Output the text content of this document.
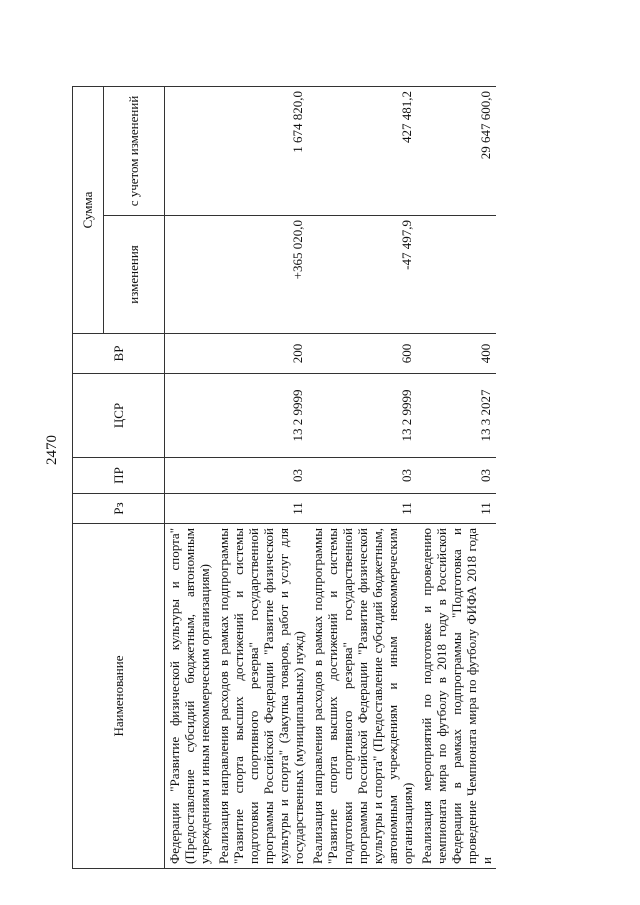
2470
Наименование	Рз	ПР	ЦСР	ВР	Сумма	
					изменения	с учетом изменений
Федерации "Развитие физической культуры и спорта" (Предоставление субсидий бюджетным, автономным учреждениям и иным некоммерческим организациям)						
Реализация направления расходов в рамках подпрограммы "Развитие спорта высших достижений и системы подготовки спортивного резерва" государственной программы Российской Федерации "Развитие физической культуры и спорта" (Закупка товаров, работ и услуг для государственных (муниципальных) нужд)	11	03	13 2 9999	200	+365 020,0	1 674 820,0
Реализация направления расходов в рамках подпрограммы "Развитие спорта высших достижений и системы подготовки спортивного резерва" государственной программы Российской Федерации "Развитие физической культуры и спорта" (Предоставление субсидий бюджетным, автономным учреждениям и иным некоммерческим организациям)	11	03	13 2 9999	600	-47 497,9	427 481,2
Реализация мероприятий по подготовке и проведению чемпионата мира по футболу в 2018 году в Российской Федерации в рамках подпрограммы "Подготовка и проведение Чемпионата мира по футболу ФИФА 2018 года и	11	03	13 3 2027	400		29 647 600,0
